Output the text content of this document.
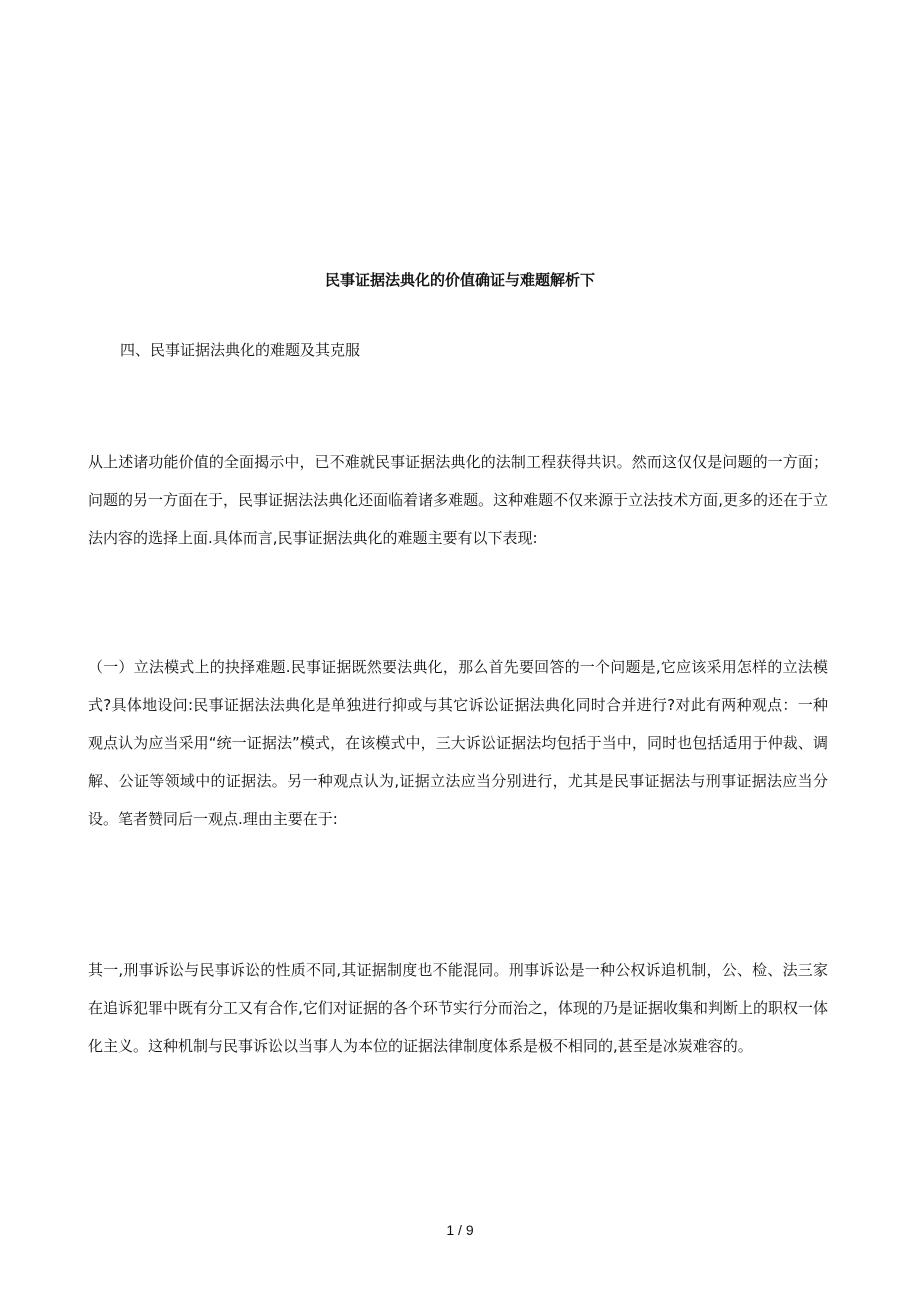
民事证据法典化的价值确证与难题解析下
四、民事证据法典化的难题及其克服
从上述诸功能价值的全面揭示中，已不难就民事证据法典化的法制工程获得共识。然而这仅仅是问题的一方面；问题的另一方面在于，民事证据法法典化还面临着诸多难题。这种难题不仅来源于立法技术方面,更多的还在于立法内容的选择上面.具体而言,民事证据法典化的难题主要有以下表现:
（一）立法模式上的抉择难题.民事证据既然要法典化，那么首先要回答的一个问题是,它应该采用怎样的立法模式?具体地设问:民事证据法法典化是单独进行抑或与其它诉讼证据法典化同时合并进行?对此有两种观点：一种观点认为应当采用“统一证据法”模式，在该模式中，三大诉讼证据法均包括于当中，同时也包括适用于仲裁、调解、公证等领域中的证据法。另一种观点认为,证据立法应当分别进行，尤其是民事证据法与刑事证据法应当分设。笔者赞同后一观点.理由主要在于:
其一,刑事诉讼与民事诉讼的性质不同,其证据制度也不能混同。刑事诉讼是一种公权诉追机制，公、检、法三家在追诉犯罪中既有分工又有合作,它们对证据的各个环节实行分而治之，体现的乃是证据收集和判断上的职权一体化主义。这种机制与民事诉讼以当事人为本位的证据法律制度体系是极不相同的,甚至是冰炭难容的。
1 / 9
